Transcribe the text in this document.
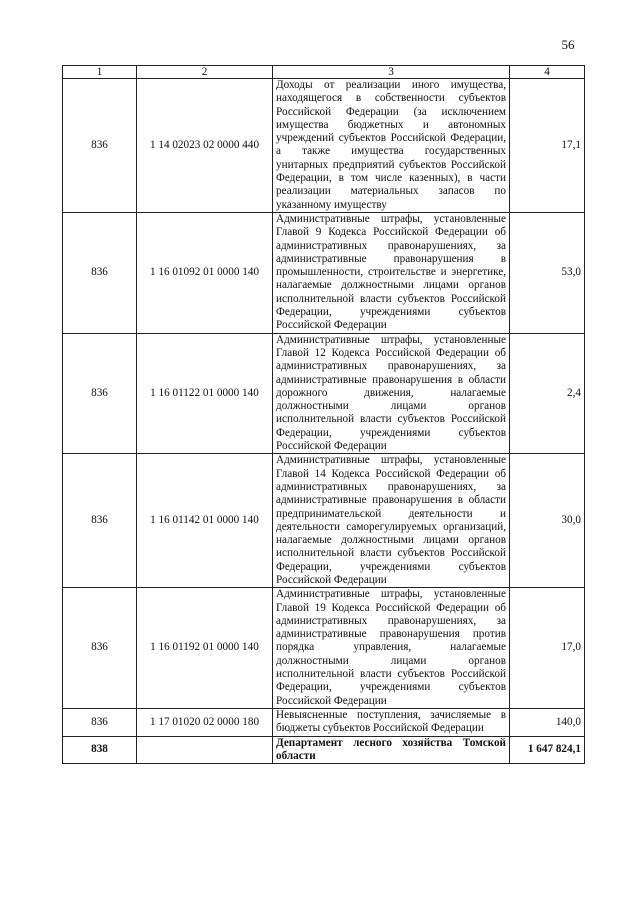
56
1	2	3	4
836	1 14 02023 02 0000 440	Доходы от реализации иного имущества, находящегося в собственности субъектов Российской Федерации (за исключением имущества бюджетных и автономных учреждений субъектов Российской Федерации, а также имущества государственных унитарных предприятий субъектов Российской Федерации, в том числе казенных), в части реализации материальных запасов по указанному имуществу	17,1
836	1 16 01092 01 0000 140	Административные штрафы, установленные Главой 9 Кодекса Российской Федерации об административных правонарушениях, за административные правонарушения в промышленности, строительстве и энергетике, налагаемые должностными лицами органов исполнительной власти субъектов Российской Федерации, учреждениями субъектов Российской Федерации	53,0
836	1 16 01122 01 0000 140	Административные штрафы, установленные Главой 12 Кодекса Российской Федерации об административных правонарушениях, за административные правонарушения в области дорожного движения, налагаемые должностными лицами органов исполнительной власти субъектов Российской Федерации, учреждениями субъектов Российской Федерации	2,4
836	1 16 01142 01 0000 140	Административные штрафы, установленные Главой 14 Кодекса Российской Федерации об административных правонарушениях, за административные правонарушения в области предпринимательской деятельности и деятельности саморегулируемых организаций, налагаемые должностными лицами органов исполнительной власти субъектов Российской Федерации, учреждениями субъектов Российской Федерации	30,0
836	1 16 01192 01 0000 140	Административные штрафы, установленные Главой 19 Кодекса Российской Федерации об административных правонарушениях, за административные правонарушения против порядка управления, налагаемые должностными лицами органов исполнительной власти субъектов Российской Федерации, учреждениями субъектов Российской Федерации	17,0
836	1 17 01020 02 0000 180	Невыясненные поступления, зачисляемые в бюджеты субъектов Российской Федерации	140,0
838		Департамент лесного хозяйства Томской области	1 647 824,1
